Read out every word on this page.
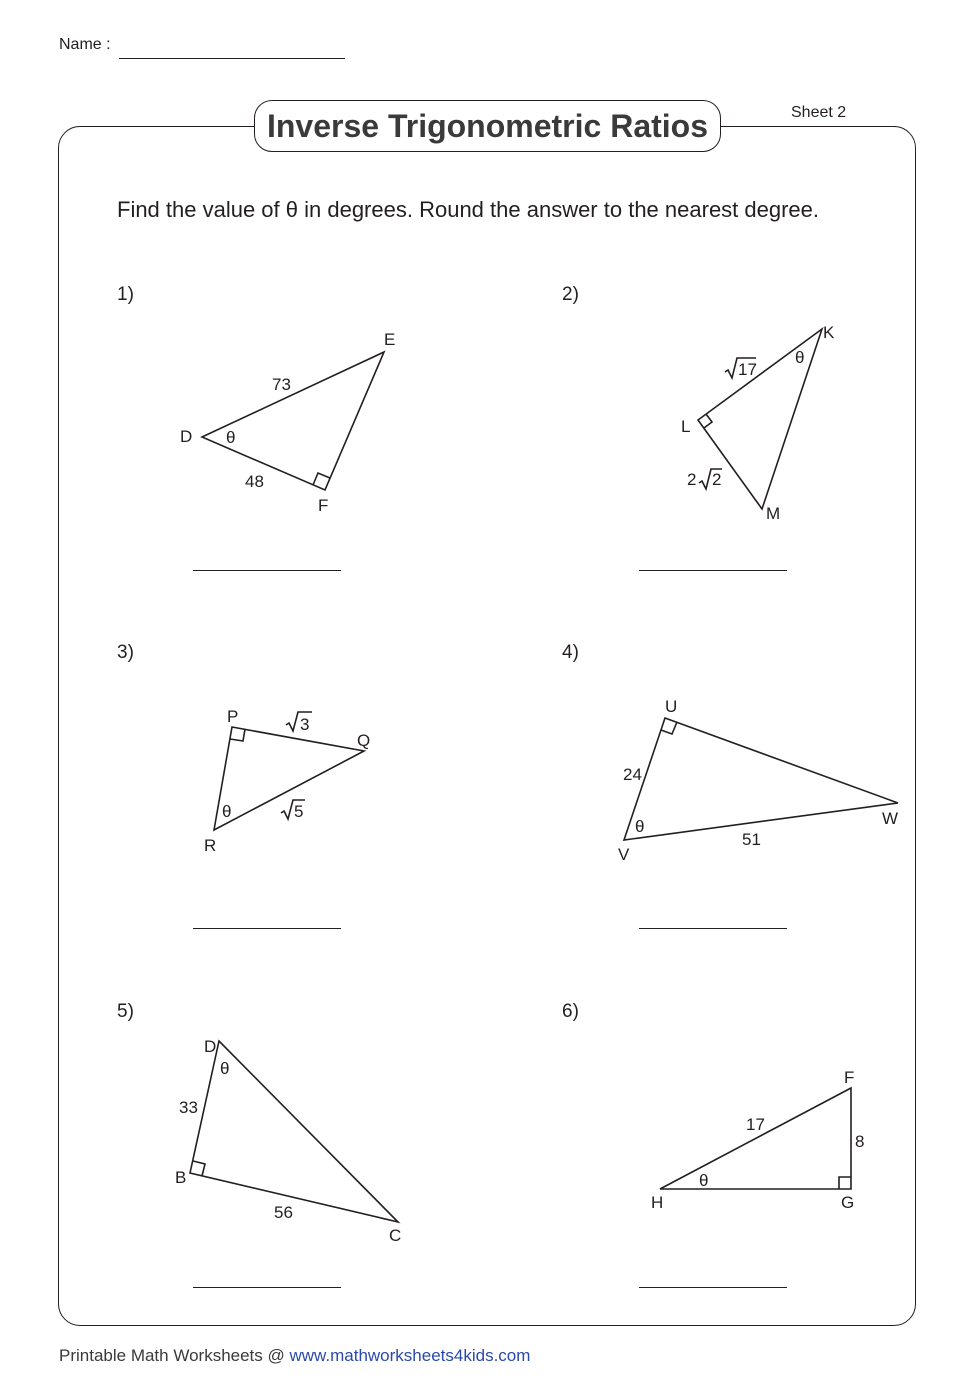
Name :
Inverse Trigonometric Ratios	Sheet 2
Find the value of θ in degrees. Round the answer to the nearest degree.
1)	2)
3)	4)
5)	6)
D
E
F
73
48
θ
K
L
M
17
2 2
θ
P
Q
R
3
5
θ
U
V
W
24
51
θ
D
B
C
33
56
θ	F
H	G
17
8
θ
Printable Math Worksheets @ www.mathworksheets4kids.com
